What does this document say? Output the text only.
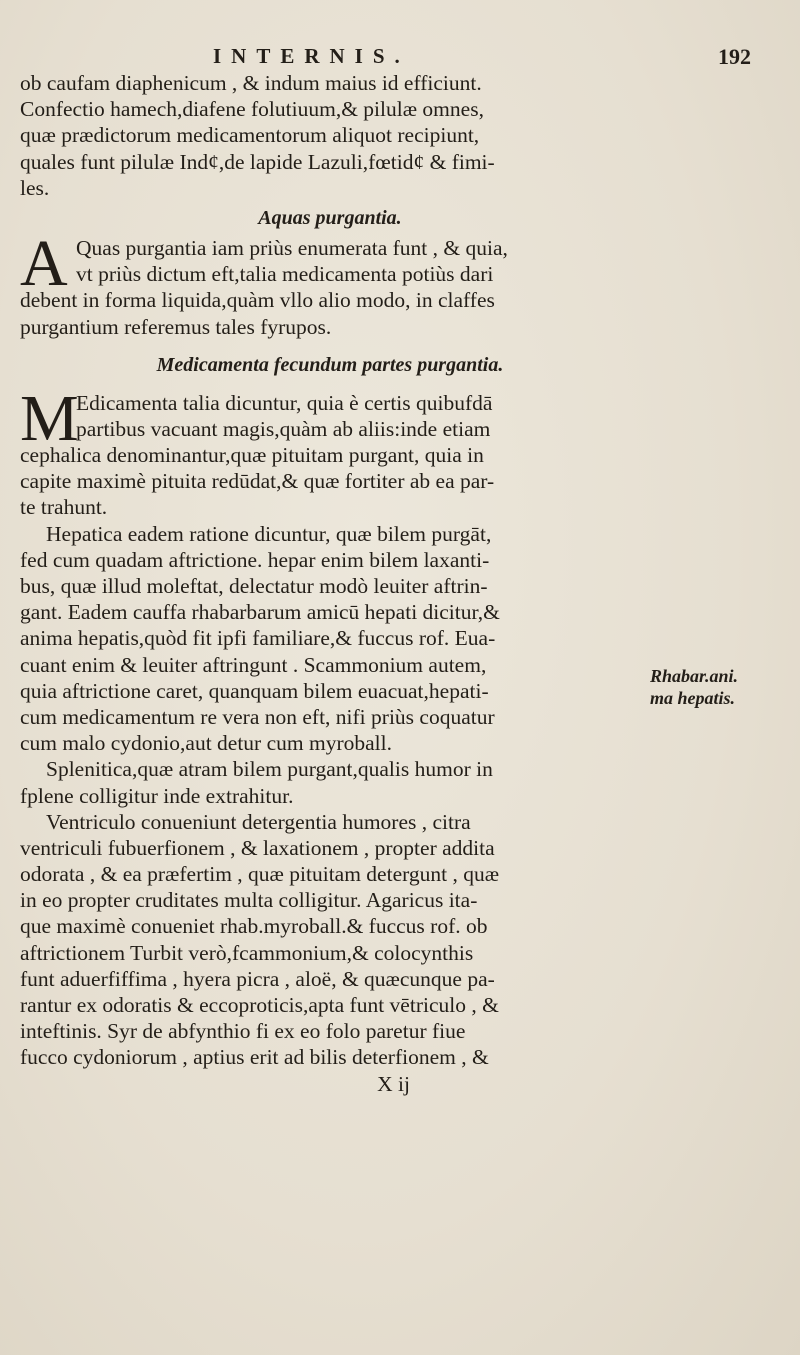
INTERNIS.	192
ob caufam diaphenicum , & indum maius id efficiunt.
Confectio hamech,diafene folutiuum,& pilulæ omnes,
quæ prædictorum medicamentorum aliquot recipiunt,
quales funt pilulæ Ind¢,de lapide Lazuli,fœtid¢ & fimi-
les.
Aquas purgantia.
A Quas purgantia iam priùs enumerata funt , & quia,
vt priùs dictum eft,talia medicamenta potiùs dari
debent in forma liquida,quàm vllo alio modo, in claffes
purgantium referemus tales fyrupos.
Medicamenta fecundum partes purgantia.
M
Edicamenta talia dicuntur, quia è certis quibufdā
partibus vacuant magis,quàm ab aliis:inde etiam
cephalica denominantur,quæ pituitam purgant, quia in
capite maximè pituita redūdat,& quæ fortiter ab ea par-
te trahunt.
Hepatica eadem ratione dicuntur, quæ bilem purgāt,
fed cum quadam aftrictione. hepar enim bilem laxanti-
bus, quæ illud moleftat, delectatur modò leuiter aftrin-
gant. Eadem cauffa rhabarbarum amicū hepati dicitur,&
anima hepatis,quòd fit ipfi familiare,& fuccus rof. Eua-
cuant enim & leuiter aftringunt . Scammonium autem,
quia aftrictione caret, quanquam bilem euacuat,hepati-
cum medicamentum re vera non eft, nifi priùs coquatur
cum malo cydonio,aut detur cum myroball.
Splenitica,quæ atram bilem purgant,qualis humor in
fplene colligitur inde extrahitur.
Ventriculo conueniunt detergentia humores , citra
ventriculi fubuerfionem , & laxationem , propter addita
odorata , & ea præfertim , quæ pituitam detergunt , quæ
in eo propter cruditates multa colligitur. Agaricus ita-
que maximè conueniet rhab.myroball.& fuccus rof. ob
aftrictionem Turbit verò,fcammonium,& colocynthis
funt aduerfiffima , hyera picra , aloë, & quæcunque pa-
rantur ex odoratis & eccoproticis,apta funt vētriculo , &
inteftinis. Syr de abfynthio fi ex eo folo paretur fiue
fucco cydoniorum , aptius erit ad bilis deterfionem , &
X ij
Rhabar.ani.
ma hepatis.
